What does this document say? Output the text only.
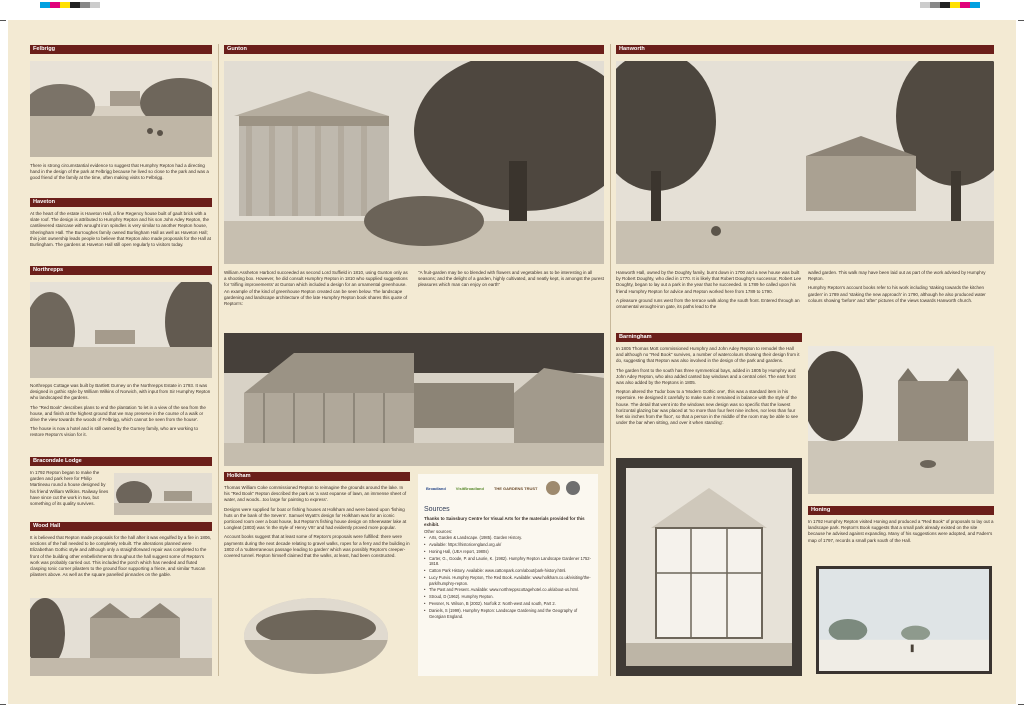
Felbrigg
There is strong circumstantial evidence to suggest that Humphry Repton had a directing hand in the design of the park at Felbrigg because he lived so close to the park and was a good friend of the family at the time, often making visits to Felbrigg.
Haveton
At the heart of the estate is Haveton Hall, a fine Regency house built of gault brick with a slate roof. The design is attributed to Humphry Repton and his son John Adey Repton, the cantilevered staircase with wrought iron spindles is very similar to another Repton house, Sheringham Hall. The Burroughes family owned Burlingham Hall as well as Haveton Hall; this joint ownership leads people to believe that Repton also made proposals for the Hall at Burlingham. The gardens at Haveton Hall still open regularly to visitors today.
Northrepps

Northrepps Cottage was built by Bartlett Gurney on the Northrepps Estate in 1793. It was designed in gothic style by William Wilkins of Norwich, with input from Sir Humphry Repton who landscaped the gardens.

The "Red Book" describes plans to end the plantation 'to let in a view of the sea from the house, and finish at the highest ground that we may preserve in the course of a walk or drive the view towards the woods of Felbrigg, which cannot be seen from the house'.

The house is now a hotel and is still owned by the Gurney family, who are working to restore Repton's vision for it.

Bracondale Lodge
In 1792 Repton began to make the garden and park here for Philip Martineau round a house designed by his friend William Wilkins. Railway lines have since cut the work in two, but something of its quality survives.
Wood Hall
It is believed that Repton made proposals for the hall after it was engulfed by a fire in 1806, sections of the hall needed to be completely rebuilt. The alterations planned were Elizabethan Gothic style and although only a straightforward repair was completed to the front of the building other embellishments throughout the hall suggest some of Repton's work was probably carried out. This included the porch which has needed and fluted clasping Ionic corner pilasters to the ground floor supporting a frieze, and similar Tuscan pilasters above. As well as the square panelled pinnacles on the gable.
Gunton
William Assheton Harbord succeeded as second Lord Suffield in 1810, using Gunton only as a shooting box. However, he did consult Humphry Repton in 1810 who supplied suggestions for 'trifling improvements' at Gunton which included a design for an ornamental greenhouse. An example of the kind of greenhouse Repton created can be seen below. The landscape gardening and landscape architecture of the late Humphry Repton book shares this quote of Repton's:
"A fruit-garden may be so blended with flowers and vegetables as to be interesting in all seasons; and the delight of a garden, highly cultivated, and neatly kept, is amongst the purest pleasures which man can enjoy on earth"
Holkham

Thomas William Coke commissioned Repton to reimagine the grounds around the lake. In his "Red Book" Repton described the park as 'a vast expanse of lawn, an immense sheet of water, and woods...too large for painting to express'.

Designs were supplied for boat or fishing houses at Holkham and were based upon 'fishing huts on the bank of the Severn'. Samuel Wyatt's design for Holkham was for an iconic porticoed room over a boat house, but Repton's fishing house design on Sheerwater lake at Longleat (1803) was 'in the style of Henry VIII' and had evidently proved more popular.

Account books suggest that at least some of Repton's proposals were fulfilled: there were payments during the next decade relating to gravel walks, ropes for a ferry and the building in 1802 of a 'subterraneous passage leading to garden' which was possibly Repton's creeper-covered tunnel. Repton himself claimed that the walks, at least, had been constructed.

Broadland	VisitBroadland	THE GARDENS TRUST
Sources
Thanks to Sainsbury Centre for Visual Arts for the materials provided for this exhibit.
Other sources:
• Arts, Garden & Landscape. (1985). Garden History.
• Available: https://historicengland.org.uk/
• Honing Hall, (UEA report, 1980s)
• Carter, G., Goode, P. and Laurie, K. (1982). Humphry Repton Landscape Gardener 1752-1818.
• Catton Park History. Available: www.cattonpark.com/about/park-history.html.
• Lucy Purvis. Humphry Repton, The Red Book. Available: www.holkham.co.uk/visiting/the-park/humphry-repton.
• The Past and Present. Available: www.northreppscottagehotel.co.uk/about-us.html.
• Stroud, D (1962). Humphry Repton.
• Pevsner, N. Wilson, B (2002). Norfolk 2: North-west and south, Part 2.
• Daniels, S (1999). Humphry Repton: Landscape Gardening and the Geography of Georgian England.
Hanworth

Hanworth Hall, owned by the Doughty family, burnt down in 1700 and a new house was built by Robert Doughty, who died in 1770. It is likely that Robert Doughty's successor, Robert Lee Doughty, began to lay out a park in the year that he succeeded. In 1789 he called upon his friend Humphry Repton for advice and Repton worked here from 1789 to 1790.

A pleasure ground runs west from the terrace walk along the south front. Entered through an ornamental wrought-iron gate, its paths lead to the

walled garden. This walk may have been laid out as part of the work advised by Humphry Repton.

Humphry Repton's account books refer to his work including 'staking towards the kitchen garden' in 1789 and 'staking the new approach' in 1790, although he also produced water colours showing 'before' and 'after' pictures of the views towards Hanworth church.

Barningham

In 1805 Thomas Mott commissioned Humphry and John Adey Repton to remodel the Hall and although no "Red Book" survives, a number of watercolours showing their design from it do, suggesting that Repton was also involved in the design of the park and gardens.

The garden front to the south has three symmetrical bays, added in 1805 by Humphry and John Adey Repton, who also added canted bay windows and a central oriel. The east front was also added by the Reptons in 1805.

Repton altered the Tudor bow to a 'Modern Gothic one', this was a standard item in his repertoire. He designed it carefully to make sure it remained in balance with the style of the house. The detail that went into the windows new design was so specific that the lowest horizontal glazing bar was placed at 'no more than four feet nine inches, nor less than four feet six inches from the floor', so that a person in the middle of the room may be able to see under the bar when sitting, and over it when standing'.

Honing
In 1792 Humphry Repton visited Honing and produced a "Red Book" of proposals to lay out a landscape park. Repton's Book suggests that a small park already existed on the site because he advised against expanding. Many of his suggestions were adopted, and Faden's map of 1797, records a small park south of the Hall.
